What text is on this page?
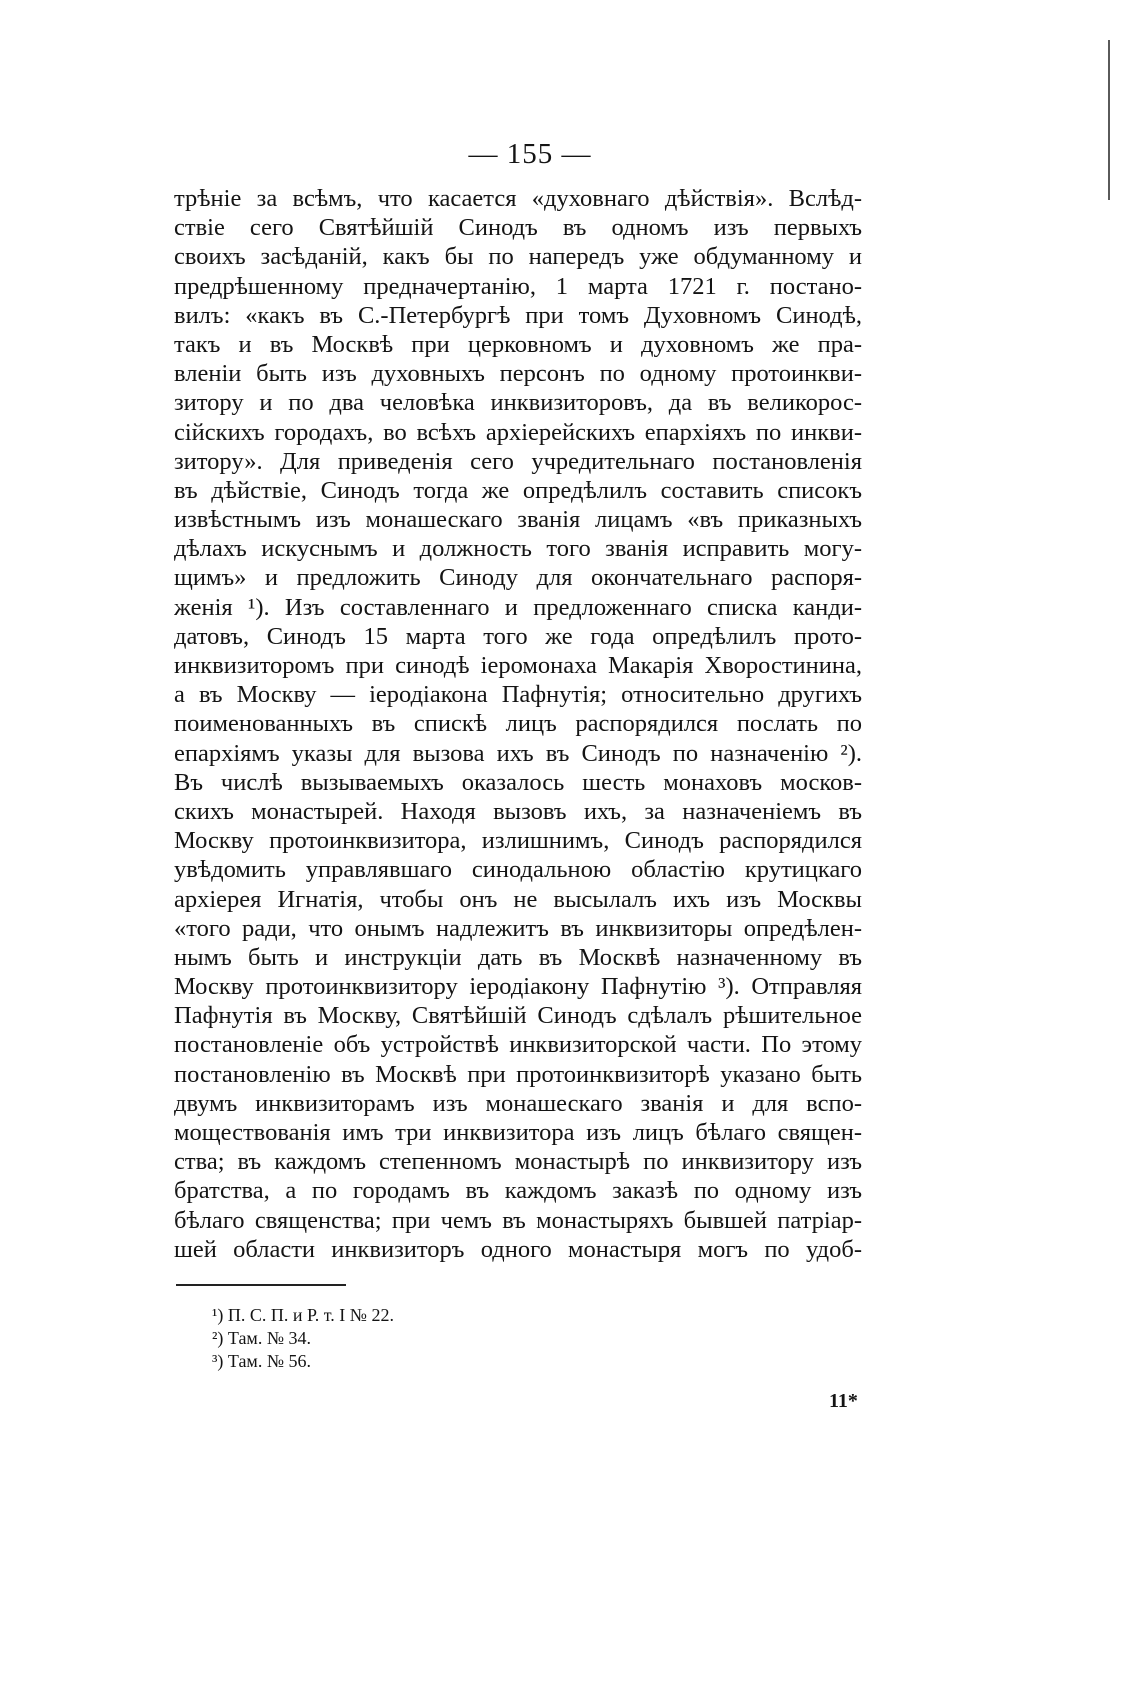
— 155 —
трѣніе за всѣмъ, что касается «духовнаго дѣйствія». Вслѣд-
ствіе сего Святѣйшій Синодъ въ одномъ изъ первыхъ
своихъ засѣданій, какъ бы по напередъ уже обдуманному и
предрѣшенному предначертанію, 1 марта 1721 г. постано-
вилъ: «какъ въ С.-Петербургѣ при томъ Духовномъ Синодѣ,
такъ и въ Москвѣ при церковномъ и духовномъ же пра-
вленіи быть изъ духовныхъ персонъ по одному протоинкви-
зитору и по два человѣка инквизиторовъ, да въ великорос-
сійскихъ городахъ, во всѣхъ архіерейскихъ епархіяхъ по инкви-
зитору». Для приведенія сего учредительнаго постановленія
въ дѣйствіе, Синодъ тогда же опредѣлилъ составить списокъ
извѣстнымъ изъ монашескаго званія лицамъ «въ приказныхъ
дѣлахъ искуснымъ и должность того званія исправить могу-
щимъ» и предложить Синоду для окончательнаго распоря-
женія ¹). Изъ составленнаго и предложеннаго списка канди-
датовъ, Синодъ 15 марта того же года опредѣлилъ прото-
инквизиторомъ при синодѣ іеромонаха Макарія Хворостинина,
а въ Москву — іеродіакона Пафнутія; относительно другихъ
поименованныхъ въ спискѣ лицъ распорядился послать по
епархіямъ указы для вызова ихъ въ Синодъ по назначенію ²).
Въ числѣ вызываемыхъ оказалось шесть монаховъ москов-
скихъ монастырей. Находя вызовъ ихъ, за назначеніемъ въ
Москву протоинквизитора, излишнимъ, Синодъ распорядился
увѣдомить управлявшаго синодальною областію крутицкаго
архіерея Игнатія, чтобы онъ не высылалъ ихъ изъ Москвы
«того ради, что онымъ надлежитъ въ инквизиторы опредѣлен-
нымъ быть и инструкціи дать въ Москвѣ назначенному въ
Москву протоинквизитору іеродіакону Пафнутію ³). Отправляя
Пафнутія въ Москву, Святѣйшій Синодъ сдѣлалъ рѣшительное
постановленіе объ устройствѣ инквизиторской части. По этому
постановленію въ Москвѣ при протоинквизиторѣ указано быть
двумъ инквизиторамъ изъ монашескаго званія и для вспо-
моществованія имъ три инквизитора изъ лицъ бѣлаго священ-
ства; въ каждомъ степенномъ монастырѣ по инквизитору изъ
братства, а по городамъ въ каждомъ заказѣ по одному изъ
бѣлаго священства; при чемъ въ монастыряхъ бывшей патріар-
шей области инквизиторъ одного монастыря могъ по удоб-
¹) П. С. П. и Р. т. I № 22.
²) Там. № 34.
³) Там. № 56.
11*
